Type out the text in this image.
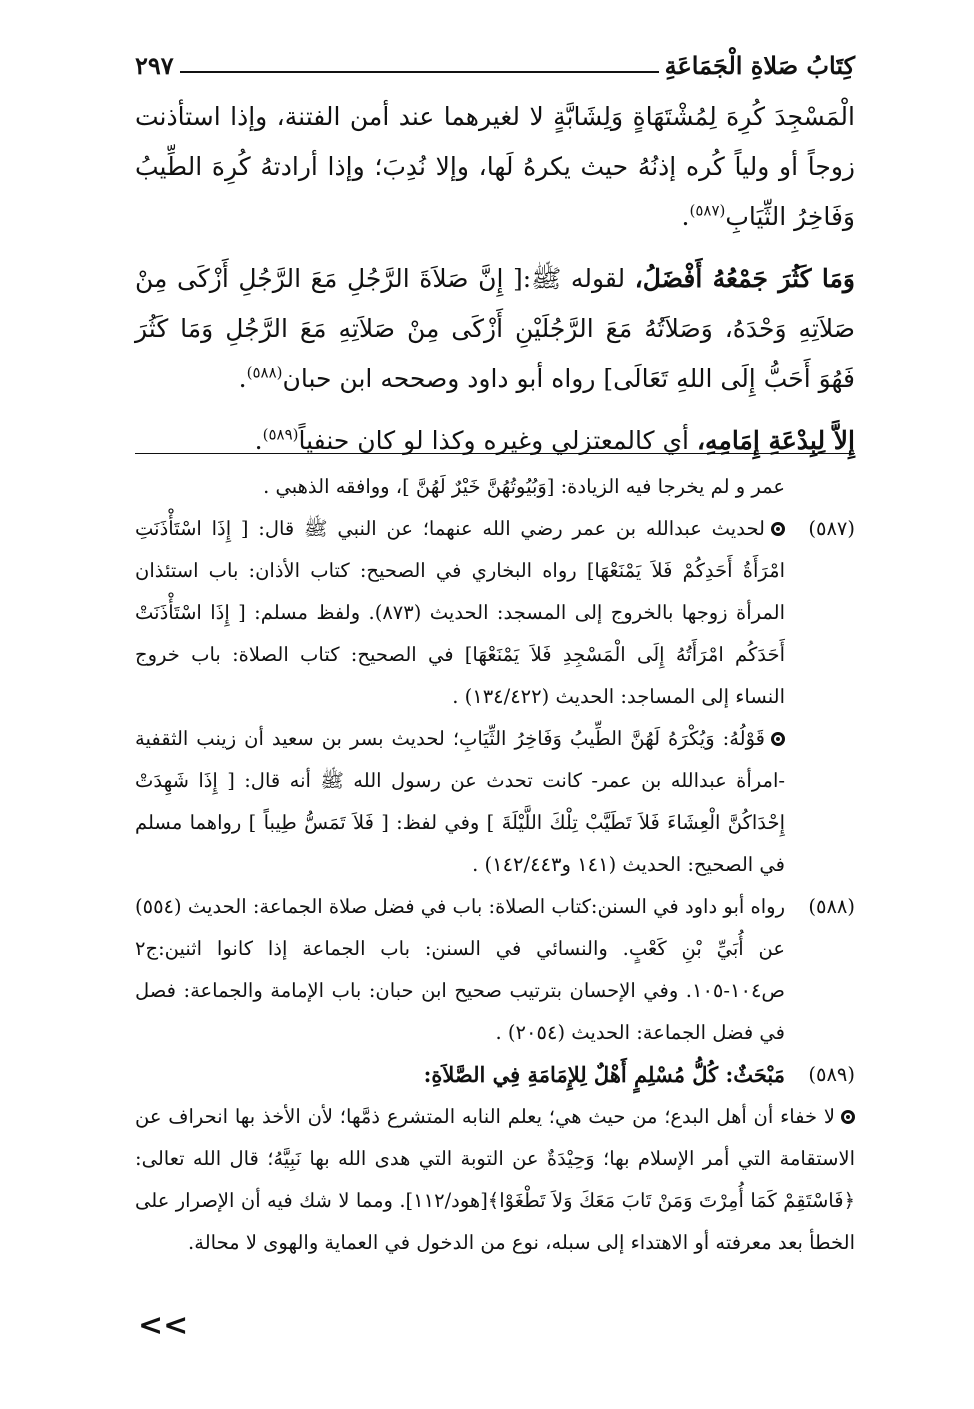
كِتَابُ صَلاةِ الْجَمَاعَةِ
٢٩٧

الْمَسْجِدَ كُرِهَ لِمُشْتَهَاةٍ وَلِشَابَّةٍ لا لغيرهما عند أمن الفتنة، وإذا استأذنت زوجاً أو ولياً كُره إذنُهُ حيث يكرهُ لَها، وإلا نُدِبَ؛ وإذا أرادتهُ كُرِهَ الطِّيبُ وَفَاخِرُ الثِّيَابِ$^{(٥٨٧)}$.

وَمَا كَثُرَ جَمْعُهُ أَفْضَلُ، لقوله ﷺ:[ إِنَّ صَلاَةَ الرَّجُلِ مَعَ الرَّجُلِ أَزْكَى مِنْ صَلاَتِهِ وَحْدَهُ، وَصَلاَتُهُ مَعَ الرَّجُلَيْنِ أَزْكَى مِنْ صَلاَتِهِ مَعَ الرَّجُلِ وَمَا كَثُرَ فَهُوَ أَحَبُّ إِلَى اللهِ تَعَالَى] رواه أبو داود وصححه ابن حبان$^{(٥٨٨)}$.

إِلاَّ لِبِدْعَةِ إِمَامِهِ، أي كالمعتزلي وغيره وكذا لو كان حنفياً$^{(٥٨٩)}$.

عمر و لم يخرجا فيه الزيادة: [وَبُيُوتُهُنَّ خَيْرٌ لَهُنَّ ]، ووافقه الذهبي .

(٥٨٧)

لحديث عبدالله بن عمر رضي الله عنهما؛ عن النبي ﷺ قال: [ إِذَا اسْتَأْذَنَتِ امْرَأَةُ أَحَدِكُمْ فَلاَ يَمْنَعْهَا] رواه البخاري في الصحيح: كتاب الأذان: باب استئذان المرأة زوجها بالخروج إلى المسجد: الحديث (٨٧٣). ولفظ مسلم: [ إِذَا اسْتَأْذَنَتْ أَحَدَكُم امْرَأَتُهُ إِلَى الْمَسْجِدِ فَلاَ يَمْنَعْهَا] في الصحيح: كتاب الصلاة: باب خروج النساء إلى المساجد: الحديث (١٣٤/٤٢٢) .

قَوْلُهُ: وَيُكْرَهُ لَهُنَّ الطِّيبُ وَفَاخِرُ الثِّيَابِ؛ لحديث بسر بن سعيد أن زينب الثقفية -امرأة عبدالله بن عمر- كانت تحدث عن رسول الله ﷺ أنه قال: [ إِذَا شَهِدَتْ إِحْدَاكُنَّ الْعِشَاءَ فَلاَ تَطَيَّبْ تِلْكَ اللَّيْلَةَ ] وفي لفظ: [ فَلاَ تَمَسُّ طِيباً ] رواهما مسلم في الصحيح: الحديث (١٤١ و١٤٢/٤٤٣) .

(٥٨٨)

رواه أبو داود في السنن:كتاب الصلاة: باب في فضل صلاة الجماعة: الحديث (٥٥٤) عن أُبَيِّ بْنِ كَعْبٍ. والنسائي في السنن: باب الجماعة إذا كانوا اثنين:ج٢ ص١٠٤-١٠٥. وفي الإحسان بترتيب صحيح ابن حبان: باب الإمامة والجماعة: فصل في فضل الجماعة: الحديث (٢٠٥٤) .

(٥٨٩)

مَبْحَثٌ: كُلُّ مُسْلِمٍ أَهْلٌ لِلإِمَامَةِ فِي الصَّلاَةِ:

لا خفاء أن أهل البدع؛ من حيث هي؛ يعلم النابه المتشرع ذمَّها؛ لأن الأخذ بها انحراف عن الاستقامة التي أمر الإسلام بها؛ وَحِيْدَةٌ عن التوبة التي هدى الله بها نَبِيَّهُ؛ قال الله تعالى:﴿فَاسْتَقِمْ كَمَا أُمِرْتَ وَمَنْ تَابَ مَعَكَ وَلاَ تَطْغَوْا﴾[هود/١١٢]. ومما لا شك فيه أن الإصرار على الخطأ بعد معرفته أو الاهتداء إلى سبله، نوع من الدخول في العماية والهوى لا محالة.

<<
